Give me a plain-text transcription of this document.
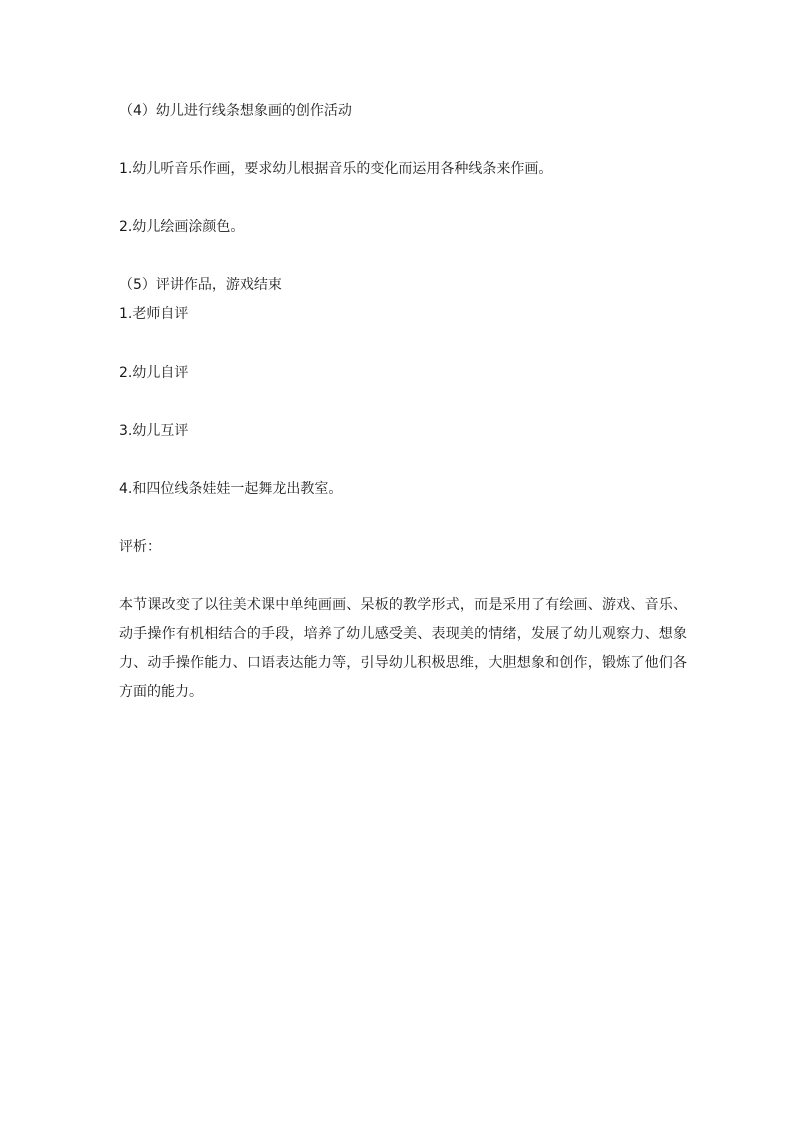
（4）幼儿进行线条想象画的创作活动

1.幼儿听音乐作画，要求幼儿根据音乐的变化而运用各种线条来作画。

2.幼儿绘画涂颜色。

（5）评讲作品，游戏结束

1.老师自评

2.幼儿自评

3.幼儿互评

4.和四位线条娃娃一起舞龙出教室。

评析：

本节课改变了以往美术课中单纯画画、呆板的教学形式，而是采用了有绘画、游戏、音乐、动手操作有机相结合的手段，培养了幼儿感受美、表现美的情绪，发展了幼儿观察力、想象力、动手操作能力、口语表达能力等，引导幼儿积极思维，大胆想象和创作，锻炼了他们各方面的能力。
